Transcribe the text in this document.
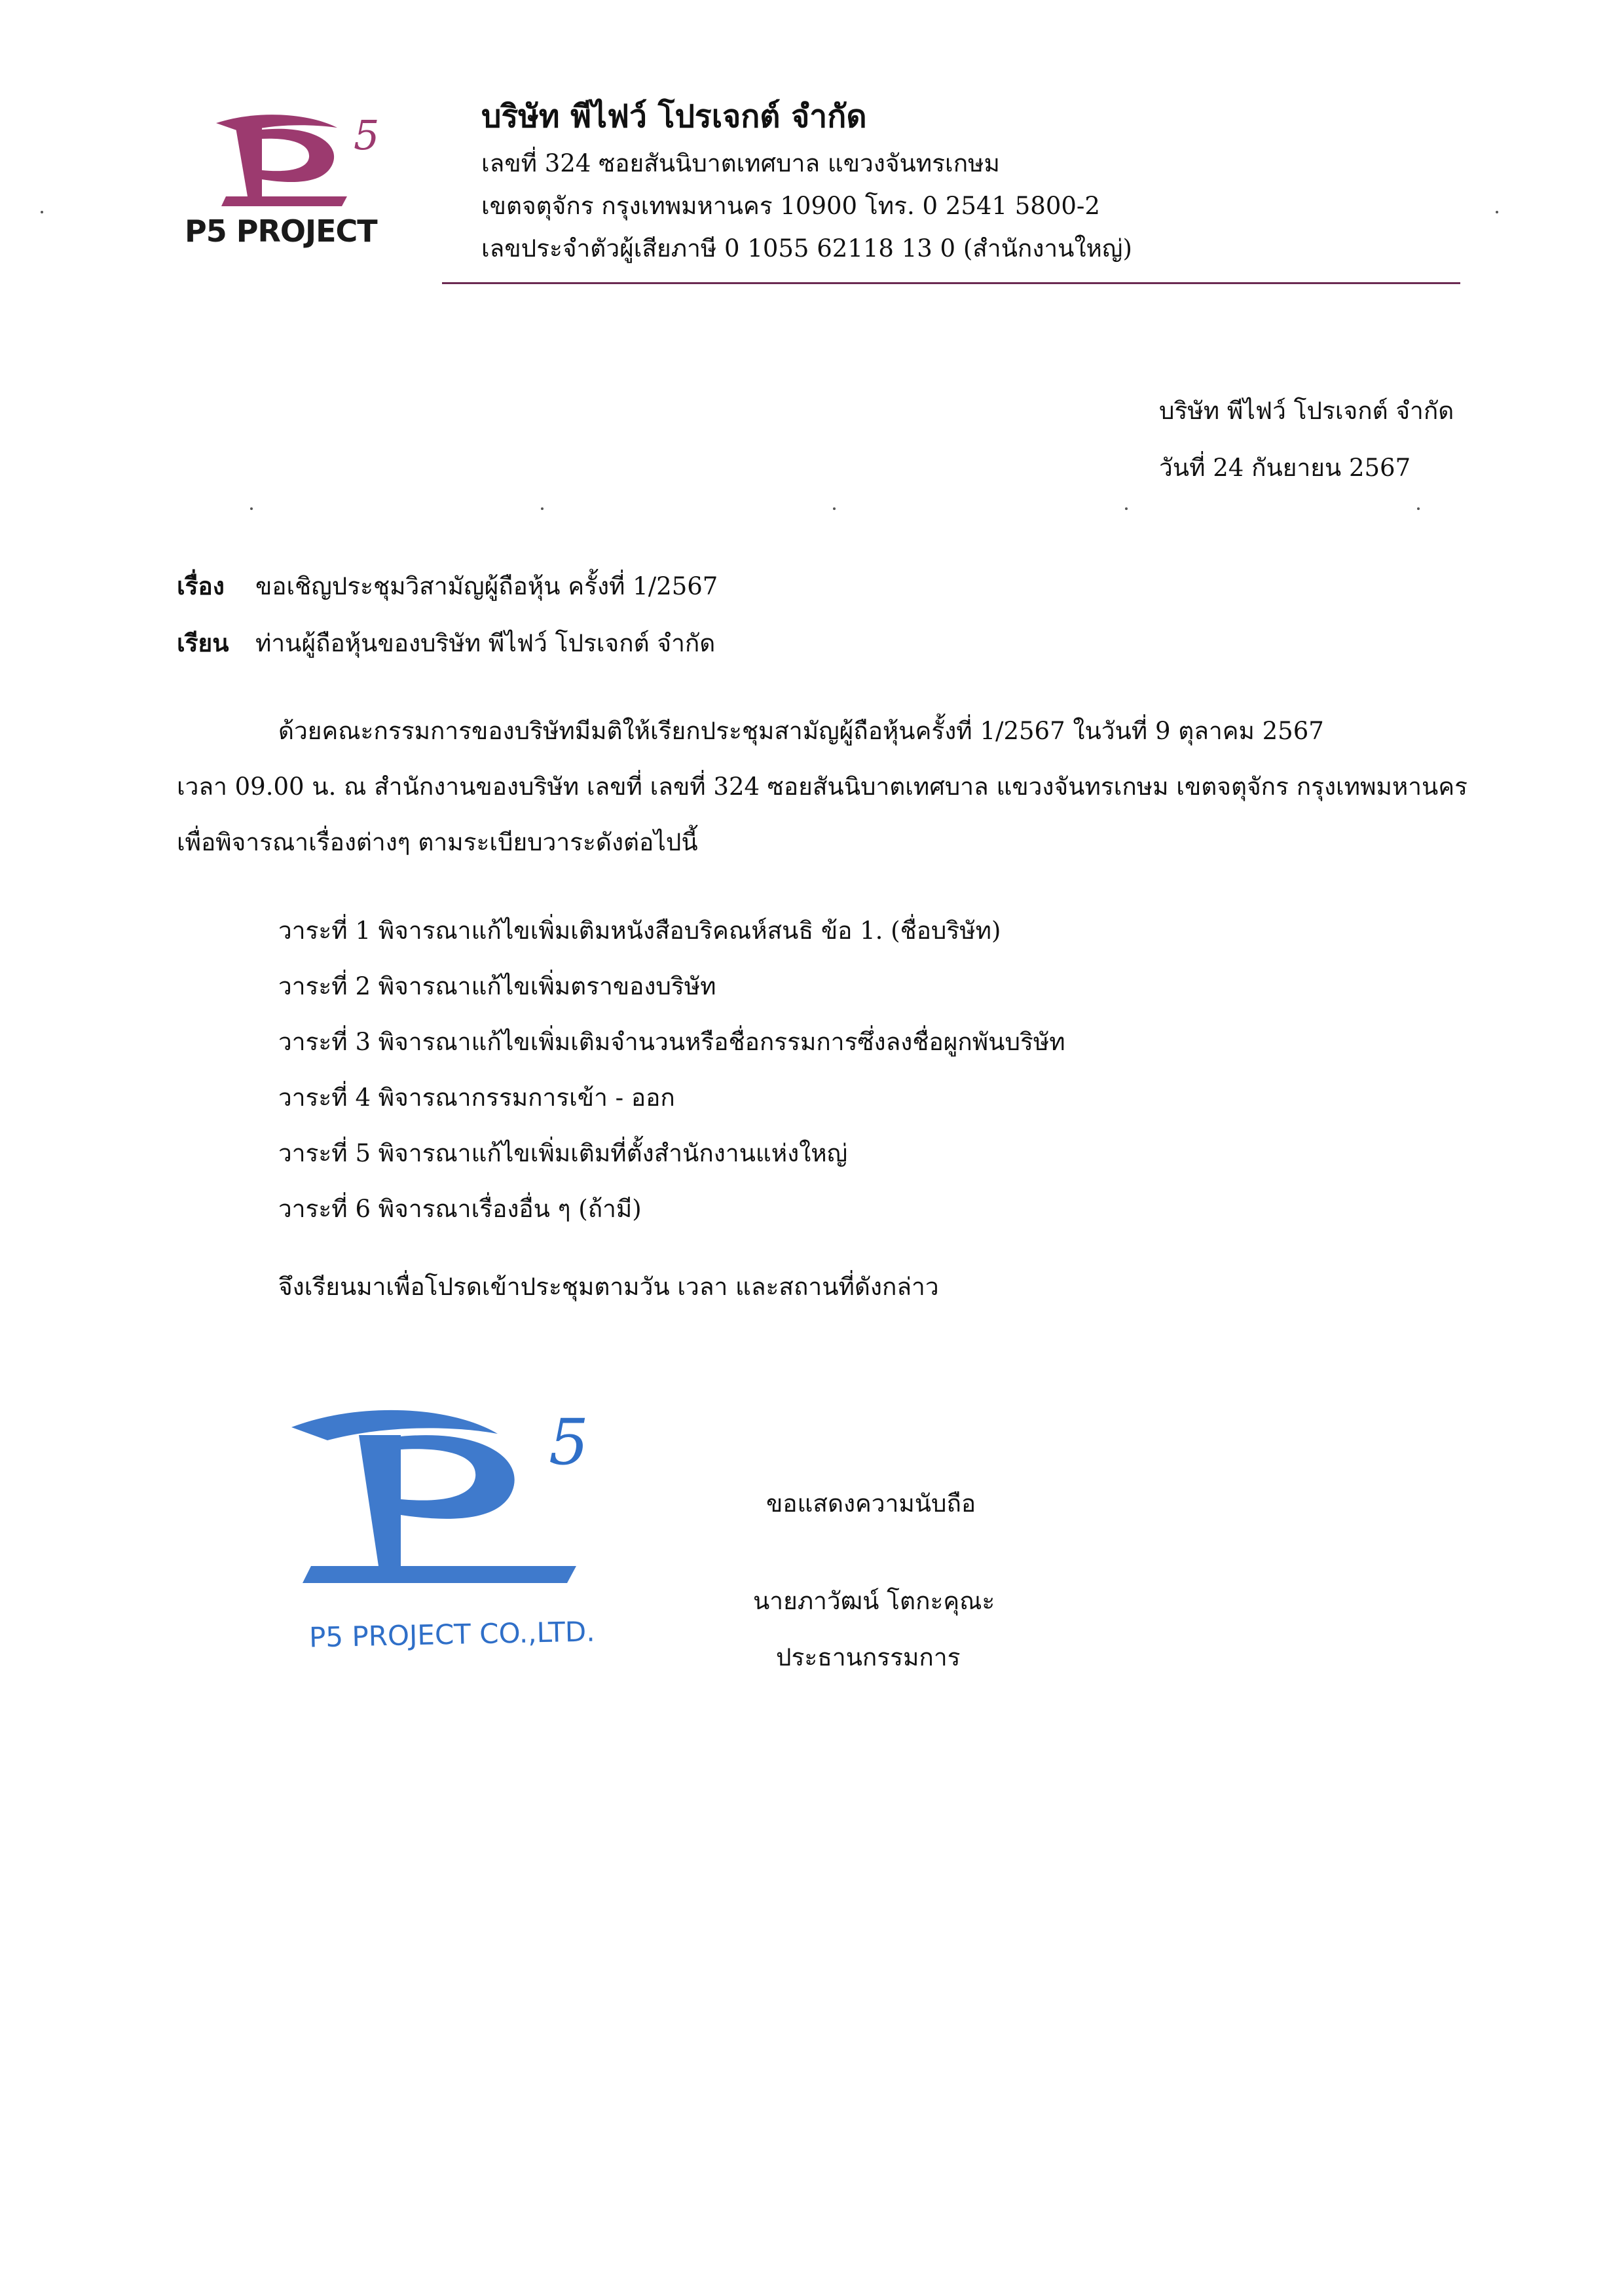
5
P5 PROJECT
บริษัท พีไฟว์ โปรเจกต์ จำกัด
เลขที่ 324 ซอยสันนิบาตเทศบาล แขวงจันทรเกษม
เขตจตุจักร กรุงเทพมหานคร 10900 โทร. 0 2541 5800-2
เลขประจำตัวผู้เสียภาษี 0 1055 62118 13 0 (สำนักงานใหญ่)
บริษัท พีไฟว์ โปรเจกต์ จำกัด
วันที่ 24 กันยายน 2567
เรื่อง ขอเชิญประชุมวิสามัญผู้ถือหุ้น ครั้งที่ 1/2567
เรียน ท่านผู้ถือหุ้นของบริษัท พีไฟว์ โปรเจกต์ จำกัด
ด้วยคณะกรรมการของบริษัทมีมติให้เรียกประชุมสามัญผู้ถือหุ้นครั้งที่ 1/2567 ในวันที่ 9 ตุลาคม 2567
เวลา 09.00 น. ณ สำนักงานของบริษัท เลขที่ เลขที่ 324 ซอยสันนิบาตเทศบาล แขวงจันทรเกษม เขตจตุจักร กรุงเทพมหานคร
เพื่อพิจารณาเรื่องต่างๆ ตามระเบียบวาระดังต่อไปนี้
วาระที่ 1 พิจารณาแก้ไขเพิ่มเติมหนังสือบริคณห์สนธิ ข้อ 1. (ชื่อบริษัท)
วาระที่ 2 พิจารณาแก้ไขเพิ่มตราของบริษัท
วาระที่ 3 พิจารณาแก้ไขเพิ่มเติมจำนวนหรือชื่อกรรมการซึ่งลงชื่อผูกพันบริษัท
วาระที่ 4 พิจารณากรรมการเข้า - ออก
วาระที่ 5 พิจารณาแก้ไขเพิ่มเติมที่ตั้งสำนักงานแห่งใหญ่
วาระที่ 6 พิจารณาเรื่องอื่น ๆ (ถ้ามี)
จึงเรียนมาเพื่อโปรดเข้าประชุมตามวัน เวลา และสถานที่ดังกล่าว
5
P5 PROJECT CO.,LTD.
ขอแสดงความนับถือ
นายภาวัฒน์ โตกะคุณะ
ประธานกรรมการ
